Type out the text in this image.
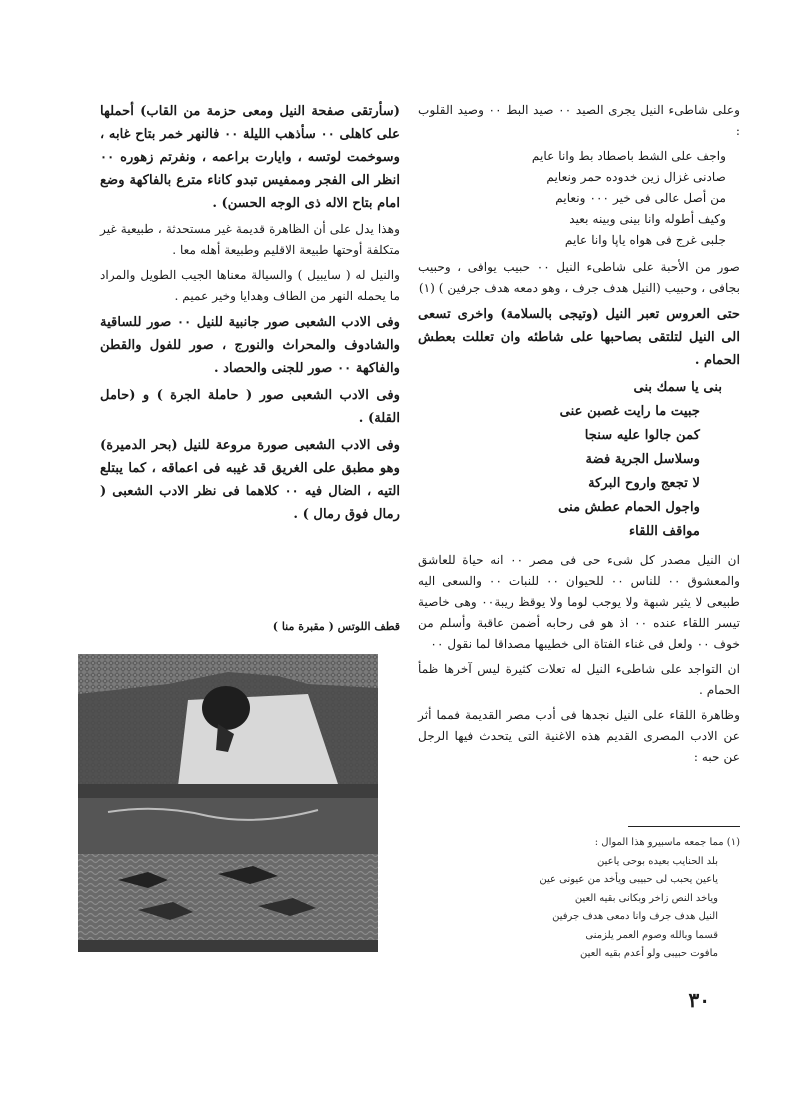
وعلى شاطىء النيل يجرى الصيد ٠٠ صيد البط ٠٠ وصيد القلوب :

واجف على الشط باصطاد بط وانا عايم
صادنى غزال زين خدوده حمر ونعايم
من أصل عالى فى خير ٠٠٠ ونعايم
وكيف أطوله وانا بينى وبينه بعيد
جلبى غرج فى هواه ياپا وانا عايم

صور من الأحبة على شاطىء النيل ٠٠ حبيب يوافى ، وحبيب بجافى ، وحبيب (النيل هدف جرف ، وهو دمعه هدف جرفين ) (١)

حتى العروس تعبر النيل (وتيجى بالسلامة) واخرى تسعى الى النيل لتلتقى بصاحبها على شاطئه وان تعللت بعطش الحمام .

بنى يا سمك بنى
جبيت ما رايت غصبن عنى
كمن جالوا عليه سنجا
وسلاسل الجرية فضة
لا تجعج واروح البركة
واجول الحمام عطش منى
مواقف اللقاء

ان النيل مصدر كل شىء حى فى مصر ٠٠ انه حياة للعاشق والمعشوق ٠٠ للناس ٠٠ للحيوان ٠٠ للنبات ٠٠ والسعى اليه طبيعى لا يثير شبهة ولا يوجب لوما ولا يوقظ ريبة٠٠ وهى خاصية تيسر اللقاء عنده ٠٠ اذ هو فى رحابه أضمن عاقبة وأسلم من خوف ٠٠ ولعل فى غناء الفتاة الى خطيبها مصداقا لما نقول ٠٠

ان التواجد على شاطىء النيل له تعلات كثيرة ليس آخرها ظمأ الحمام .

وظاهرة اللقاء على النيل نجدها فى أدب مصر القديمة فمما أثر عن الادب المصرى القديم هذه الاغنية التى يتحدث فيها الرجل عن حبه :

(سأرتقى صفحة النيل ومعى حزمة من القاب) أحملها على كاهلى ٠٠ سأذهب الليلة ٠٠ فالنهر خمر بتاح غابه ، وسوخمت لوتسه ، وايارت براعمه ، ونفرتم زهوره ٠٠ انظر الى الفجر وممفيس تبدو كاناء مترع بالفاكهة وضع امام بتاح الاله ذى الوجه الحسن) .

وهذا يدل على أن الظاهرة قديمة غير مستحدثة ، طبيعية غير متكلفة أوحتها طبيعة الاقليم وطبيعة أهله معا .

والنيل له ( سايبيل ) والسيالة معناها الجيب الطويل والمراد ما يحمله النهر من الطاف وهدايا وخير عميم .

وفى الادب الشعبى صور جانبية للنيل ٠٠ صور للساقية والشادوف والمحراث والنورج ، صور للفول والقطن والفاكهة ٠٠ صور للجنى والحصاد .

وفى الادب الشعبى صور ( حاملة الجرة ) و (حامل القلة) .

وفى الادب الشعبى صورة مروعة للنيل (بحر الدميرة) وهو مطبق على الغريق قد غيبه فى اعماقه ، كما يبتلع التيه ، الضال فيه ٠٠ كلاهما فى نظر الادب الشعبى ( رمال فوق رمال ) .

قطف اللوتس ( مقبرة منا )
(١) مما جمعه ماسبيرو هذا الموال :
بلد الحنايب بعيده بوحى ياعين
ياعين يحبب لى حبيبى ويأخد من عيونى عين
وياخد النص زاخر وبكانى بقيه العين
النيل هدف جرف وانا دمعى هدف جرفين
قسما وبالله وصوم العمر يلزمنى
مافوت حبيبى ولو أعدم بقيه العين
٣٠
